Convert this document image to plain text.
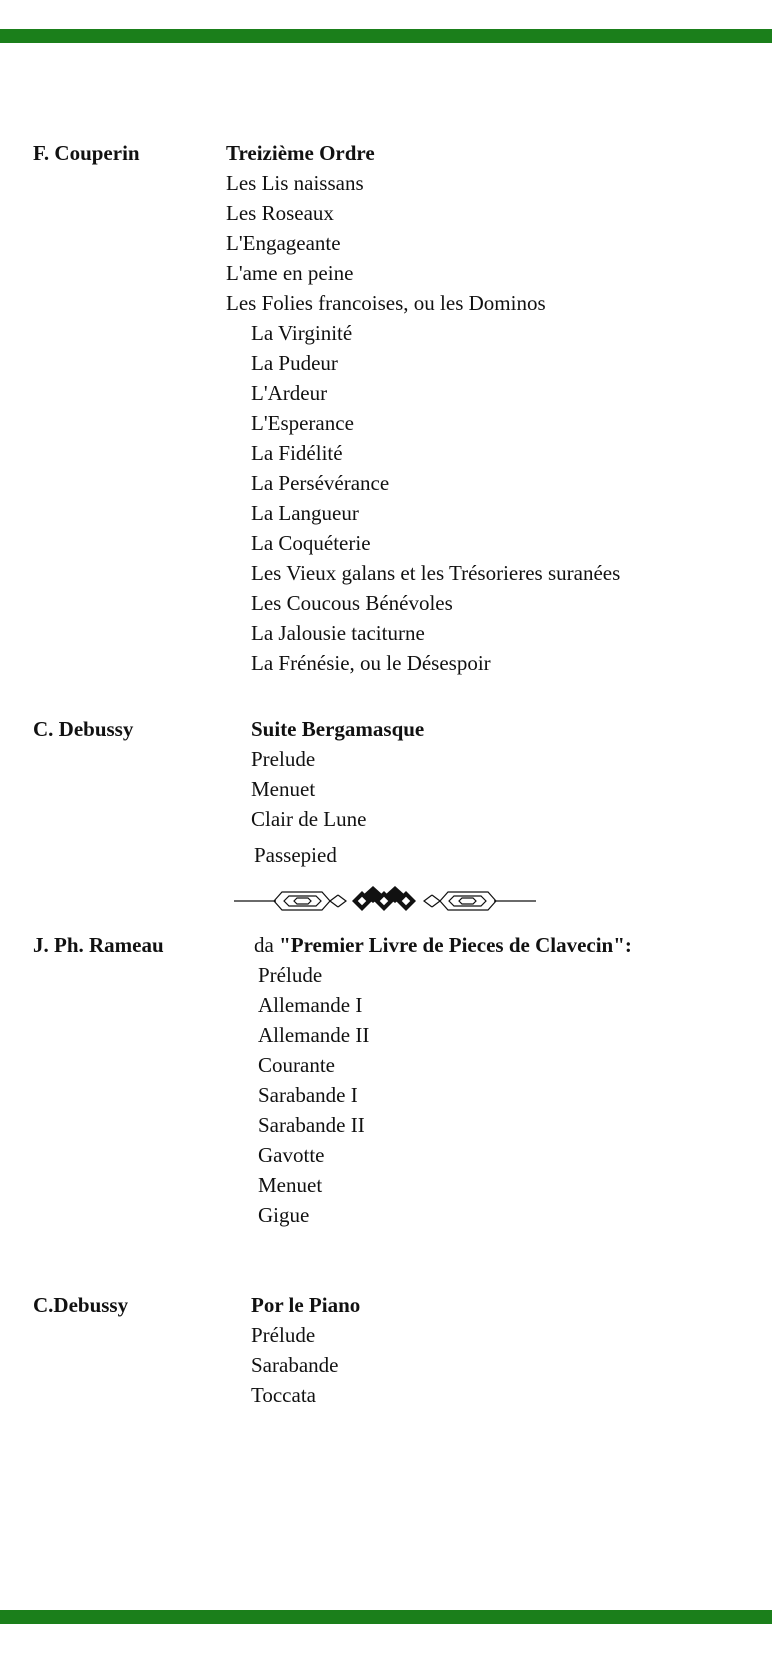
F. Couperin	Treizième Ordre
Les Lis naissans
Les Roseaux
L'Engageante
L'ame en peine
Les Folies francoises, ou les Dominos
La Virginité
La Pudeur
L'Ardeur
L'Esperance
La Fidélité
La Persévérance
La Langueur
La Coquéterie
Les Vieux galans et les Trésorieres suranées
Les Coucous Bénévoles
La Jalousie taciturne
La Frénésie, ou le Désespoir
C. Debussy	Suite Bergamasque
Prelude
Menuet
Clair de Lune
Passepied
J. Ph. Rameau	da "Premier Livre de Pieces de Clavecin":
Prélude
Allemande I
Allemande II
Courante
Sarabande I
Sarabande II
Gavotte
Menuet
Gigue
C.Debussy	Por le Piano
Prélude
Sarabande
Toccata
